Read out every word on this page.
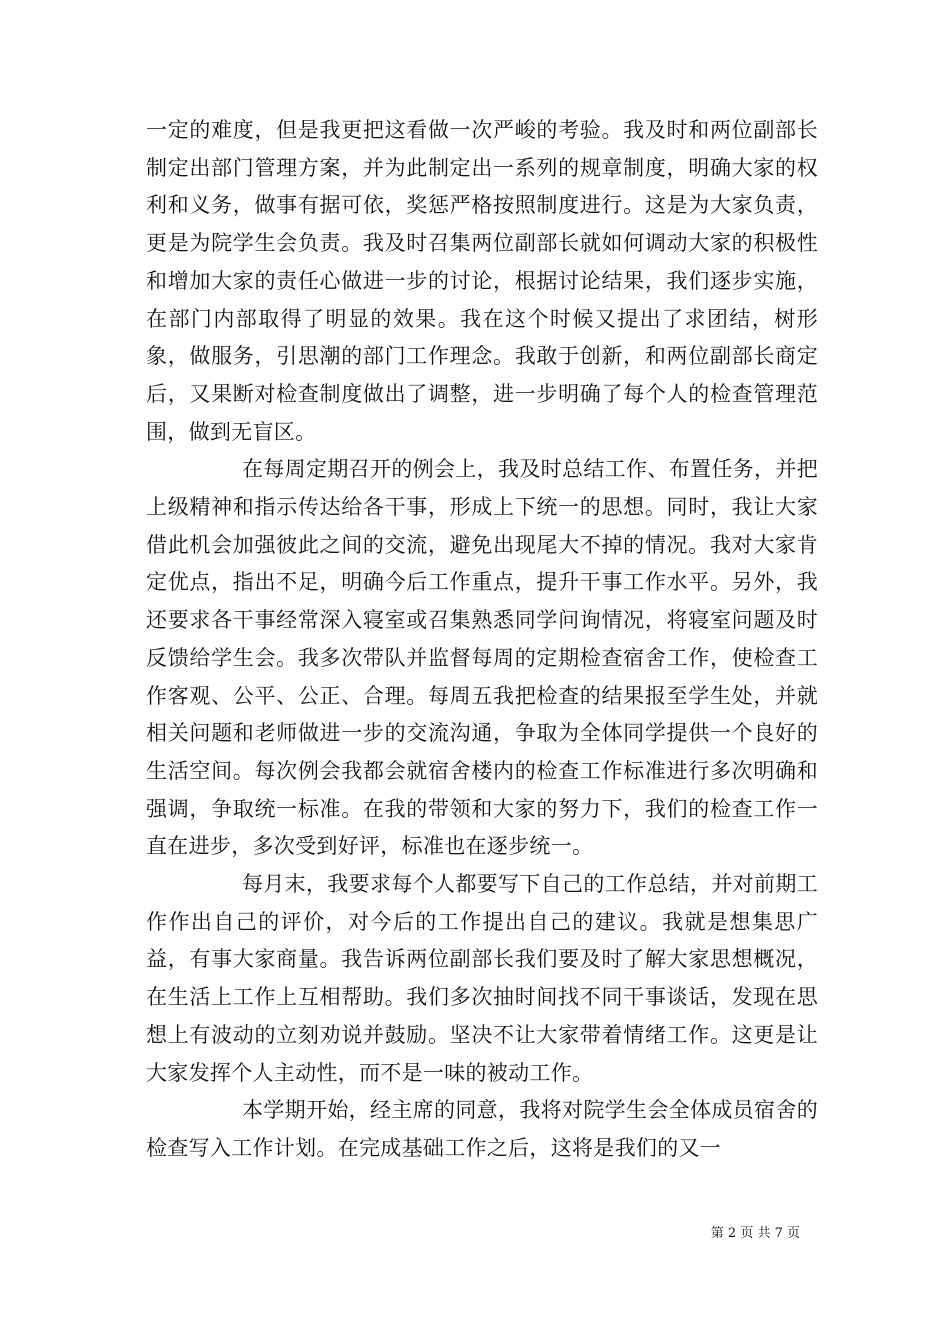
一定的难度，但是我更把这看做一次严峻的考验。我及时和两位副部长制定出部门管理方案，并为此制定出一系列的规章制度，明确大家的权利和义务，做事有据可依，奖惩严格按照制度进行。这是为大家负责，更是为院学生会负责。我及时召集两位副部长就如何调动大家的积极性和增加大家的责任心做进一步的讨论，根据讨论结果，我们逐步实施，在部门内部取得了明显的效果。我在这个时候又提出了求团结，树形象，做服务，引思潮的部门工作理念。我敢于创新，和两位副部长商定后，又果断对检查制度做出了调整，进一步明确了每个人的检查管理范围，做到无盲区。

在每周定期召开的例会上，我及时总结工作、布置任务，并把上级精神和指示传达给各干事，形成上下统一的思想。同时，我让大家借此机会加强彼此之间的交流，避免出现尾大不掉的情况。我对大家肯定优点，指出不足，明确今后工作重点，提升干事工作水平。另外，我还要求各干事经常深入寝室或召集熟悉同学问询情况，将寝室问题及时反馈给学生会。我多次带队并监督每周的定期检查宿舍工作，使检查工作客观、公平、公正、合理。每周五我把检查的结果报至学生处，并就相关问题和老师做进一步的交流沟通，争取为全体同学提供一个良好的生活空间。每次例会我都会就宿舍楼内的检查工作标准进行多次明确和强调，争取统一标准。在我的带领和大家的努力下，我们的检查工作一直在进步，多次受到好评，标准也在逐步统一。

每月末，我要求每个人都要写下自己的工作总结，并对前期工作作出自己的评价，对今后的工作提出自己的建议。我就是想集思广益，有事大家商量。我告诉两位副部长我们要及时了解大家思想概况，在生活上工作上互相帮助。我们多次抽时间找不同干事谈话，发现在思想上有波动的立刻劝说并鼓励。坚决不让大家带着情绪工作。这更是让大家发挥个人主动性，而不是一味的被动工作。

本学期开始，经主席的同意，我将对院学生会全体成员宿舍的检查写入工作计划。在完成基础工作之后，这将是我们的又一

第 2 页 共 7 页
